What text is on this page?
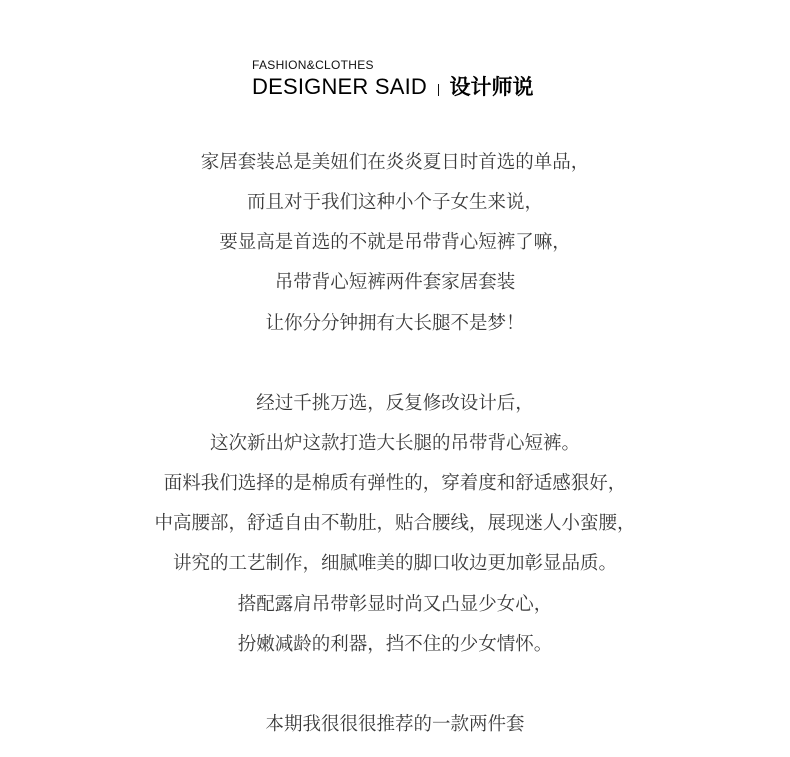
FASHION&CLOTHES
DESIGNER SAID 设计师说
家居套装总是美妞们在炎炎夏日时首选的单品，
而且对于我们这种小个子女生来说，
要显高是首选的不就是吊带背心短裤了嘛，
吊带背心短裤两件套家居套装
让你分分钟拥有大长腿不是梦！
经过千挑万选，反复修改设计后，
这次新出炉这款打造大长腿的吊带背心短裤。
面料我们选择的是棉质有弹性的，穿着度和舒适感狠好，
中高腰部，舒适自由不勒肚，贴合腰线，展现迷人小蛮腰，
讲究的工艺制作，细腻唯美的脚口收边更加彰显品质。
搭配露肩吊带彰显时尚又凸显少女心，
扮嫩减龄的利器，挡不住的少女情怀。
本期我很很很推荐的一款两件套
